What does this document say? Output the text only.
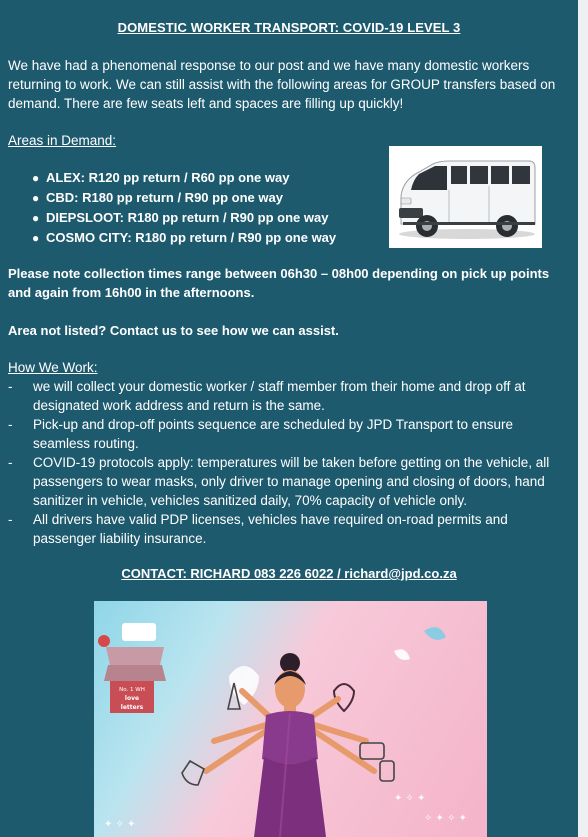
DOMESTIC WORKER TRANSPORT: COVID-19 LEVEL 3
We have had a phenomenal response to our post and we have many domestic workers returning to work. We can still assist with the following areas for GROUP transfers based on demand. There are few seats left and spaces are filling up quickly!
Areas in Demand:
● ALEX: R120 pp return / R60 pp one way
● CBD: R180 pp return / R90 pp one way
● DIEPSLOOT: R180 pp return / R90 pp one way
● COSMO CITY: R180 pp return / R90 pp one way
Please note collection times range between 06h30 – 08h00 depending on pick up points and again from 16h00 in the afternoons.
Area not listed? Contact us to see how we can assist.
How We Work:
- we will collect your domestic worker / staff member from their home and drop off at designated work address and return is the same.
- Pick-up and drop-off points sequence are scheduled by JPD Transport to ensure seamless routing.
- COVID-19 protocols apply: temperatures will be taken before getting on the vehicle, all passengers to wear masks, only driver to manage opening and closing of doors, hand sanitizer in vehicle, vehicles sanitized daily, 70% capacity of vehicle only.
- All drivers have valid PDP licenses, vehicles have required on-road permits and passenger liability insurance.
CONTACT: RICHARD 083 226 6022 / richard@jpd.co.za
✦ ✧ ✦
✧ ✦ ✧ ✦
✦ ✧ ✦
No. 1 WH
love
letters
